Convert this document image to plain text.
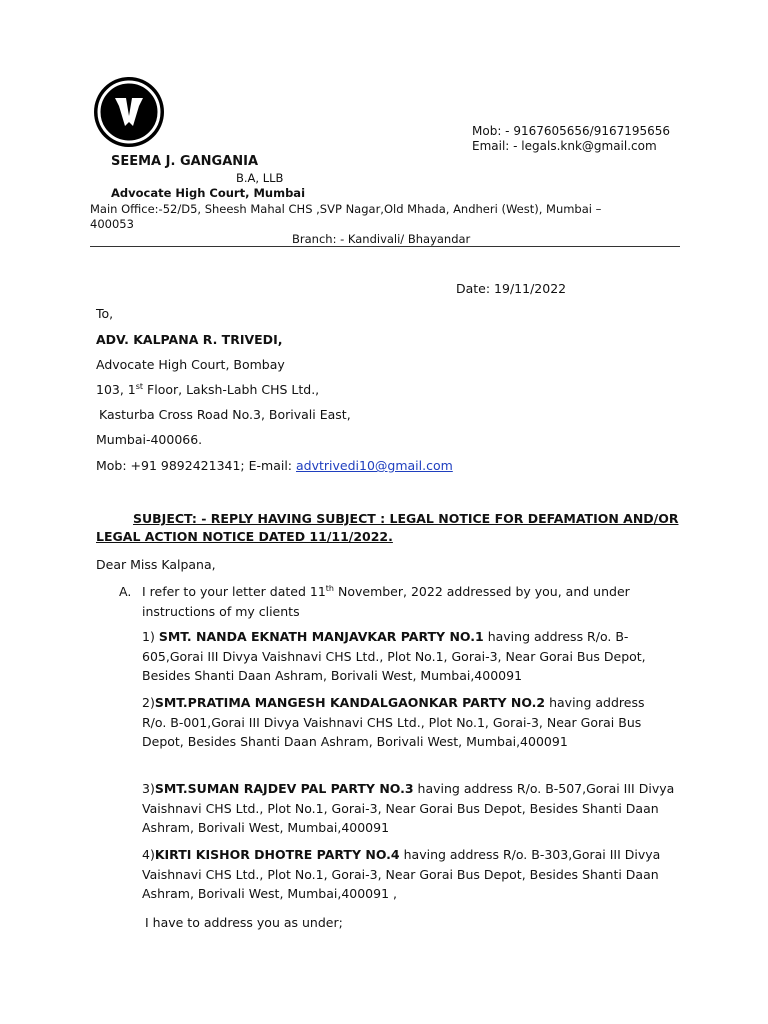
Mob: - 9167605656/9167195656
Email: - legals.knk@gmail.com
SEEMA J. GANGANIA
B.A, LLB
Advocate High Court, Mumbai
Main Office:-52/D5, Sheesh Mahal CHS ,SVP Nagar,Old Mhada, Andheri (West), Mumbai –
400053
Branch: - Kandivali/ Bhayandar
Date: 19/11/2022
To,
ADV. KALPANA R. TRIVEDI,
Advocate High Court, Bombay
103, 1st Floor, Laksh-Labh CHS Ltd.,
Kasturba Cross Road No.3, Borivali East,
Mumbai-400066.
Mob: +91 9892421341; E-mail: advtrivedi10@gmail.com
SUBJECT: - REPLY HAVING SUBJECT : LEGAL NOTICE FOR DEFAMATION AND/OR
LEGAL ACTION NOTICE DATED 11/11/2022.
Dear Miss Kalpana,
A. I refer to your letter dated 11th November, 2022 addressed by you, and under instructions of my clients
1) SMT. NANDA EKNATH MANJAVKAR PARTY NO.1 having address R/o. B-605,Gorai III Divya Vaishnavi CHS Ltd., Plot No.1, Gorai-3, Near Gorai Bus Depot, Besides Shanti Daan Ashram, Borivali West, Mumbai,400091
2)SMT.PRATIMA MANGESH KANDALGAONKAR PARTY NO.2 having address R/o. B-001,Gorai III Divya Vaishnavi CHS Ltd., Plot No.1, Gorai-3, Near Gorai Bus Depot, Besides Shanti Daan Ashram, Borivali West, Mumbai,400091
3)SMT.SUMAN RAJDEV PAL PARTY NO.3 having address R/o. B-507,Gorai III Divya Vaishnavi CHS Ltd., Plot No.1, Gorai-3, Near Gorai Bus Depot, Besides Shanti Daan Ashram, Borivali West, Mumbai,400091
4)KIRTI KISHOR DHOTRE PARTY NO.4 having address R/o. B-303,Gorai III Divya Vaishnavi CHS Ltd., Plot No.1, Gorai-3, Near Gorai Bus Depot, Besides Shanti Daan Ashram, Borivali West, Mumbai,400091 ,
I have to address you as under;
